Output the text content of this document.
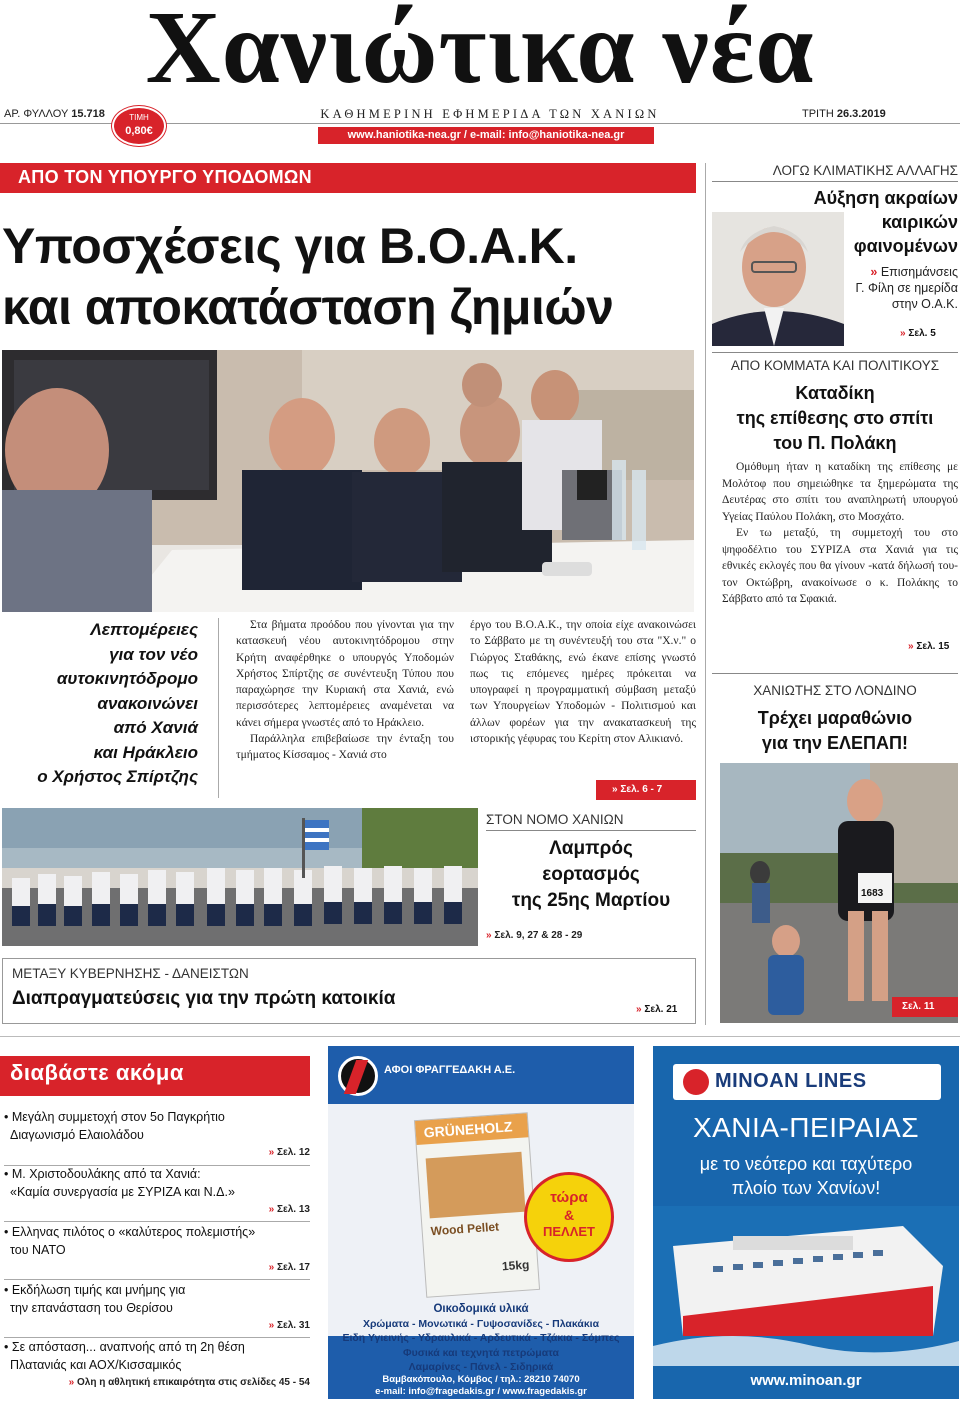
Χανιώτικα νέα
ΑΡ. ΦΥΛΛΟΥ 15.718	ΤΙΜΗ
0,80€
ΚΑΘΗΜΕΡΙΝΗ ΕΦΗΜΕΡΙΔΑ ΤΩΝ ΧΑΝΙΩΝ	ΤΡΙΤΗ 26.3.2019
www.haniotika-nea.gr / e-mail: info@haniotika-nea.gr
ΑΠΟ ΤΟΝ ΥΠΟΥΡΓΟ ΥΠΟΔΟΜΩΝ
Υποσχέσεις για Β.Ο.Α.Κ.
και αποκατάσταση ζημιών
Λεπτομέρειες
για τον νέο
αυτοκινητόδρομο
ανακοινώνει
από Χανιά
και Ηράκλειο
ο Χρήστος Σπίρτζης

Στα βήματα προόδου που γίνονται για την κατασκευή νέου αυτοκινητόδρομου στην Κρήτη αναφέρθηκε ο υπουργός Υποδομών Χρήστος Σπίρτζης σε συνέντευξη Τύπου που παραχώρησε την Κυριακή στα Χανιά, ενώ περισσότερες λεπτομέρειες αναμένεται να κάνει σήμερα γνωστές από το Ηράκλειο.

Παράλληλα επιβεβαίωσε την ένταξη του τμήματος Κίσσαμος - Χανιά στο

έργο του Β.Ο.Α.Κ., την οποία είχε ανακοινώσει το Σάββατο με τη συνέντευξή του στα "Χ.ν." ο Γιώργος Σταθάκης, ενώ έκανε επίσης γνωστό πως τις επόμενες ημέρες πρόκειται να υπογραφεί η προγραμματική σύμβαση μεταξύ των Υπουργείων Υποδομών - Πολιτισμού και άλλων φορέων για την ανακατασκευή της ιστορικής γέφυρας του Κερίτη στον Αλικιανό.

» Σελ. 6 - 7
ΣΤΟΝ ΝΟΜΟ ΧΑΝΙΩΝ
Λαμπρός
εορτασμός
της 25ης Μαρτίου
» Σελ. 9, 27 & 28 - 29
ΜΕΤΑΞΥ ΚΥΒΕΡΝΗΣΗΣ - ΔΑΝΕΙΣΤΩΝ
Διαπραγματεύσεις για την πρώτη κατοικία
» Σελ. 21
ΛΟΓΩ ΚΛΙΜΑΤΙΚΗΣ ΑΛΛΑΓΗΣ
Αύξηση ακραίων
καιρικών
φαινομένων
» Επισημάνσεις
Γ. Φίλη σε ημερίδα
στην Ο.Α.Κ.
» Σελ. 5
ΑΠΟ ΚΟΜΜΑΤΑ ΚΑΙ ΠΟΛΙΤΙΚΟΥΣ
Καταδίκη
της επίθεσης στο σπίτι
του Π. Πολάκη

Ομόθυμη ήταν η καταδίκη της επίθεσης με Μολότοφ που σημειώθηκε τα ξημερώματα της Δευτέρας στο σπίτι του αναπληρωτή υπουργού Υγείας Παύλου Πολάκη, στο Μοσχάτο.

Εν τω μεταξύ, τη συμμετοχή του στο ψηφοδέλτιο του ΣΥΡΙΖΑ στα Χανιά για τις εθνικές εκλογές που θα γίνουν -κατά δήλωσή του- τον Οκτώβρη, ανακοίνωσε ο κ. Πολάκης το Σάββατο από τα Σφακιά.

» Σελ. 15
ΧΑΝΙΩΤΗΣ ΣΤΟ ΛΟΝΔΙΝΟ
Τρέχει μαραθώνιο
για την ΕΛΕΠΑΠ!
1683
Σελ. 11
διαβάστε ακόμα
• Μεγάλη συμμετοχή στον 5ο Παγκρήτιο
Διαγωνισμό Ελαιολάδου
» Σελ. 12
• Μ. Χριστοδουλάκης από τα Χανιά:
«Καμία συνεργασία με ΣΥΡΙΖΑ και Ν.Δ.»
» Σελ. 13
• Ελληνας πιλότος ο «καλύτερος πολεμιστής»
του ΝΑΤΟ
» Σελ. 17
• Εκδήλωση τιμής και μνήμης για
την επανάσταση του Θερίσου
» Σελ. 31
• Σε απόσταση... αναπνοής από τη 2η θέση
Πλατανιάς και ΑΟΧ/Κισσαμικός
» Ολη η αθλητική επικαιρότητα στις σελίδες 45 - 54
ΑΦΟΙ ΦΡΑΓΓΕΔΑΚΗ Α.Ε.
GRÜNEHOLZ
Wood Pellet
15kg
τώρα
&
ΠΕΛΛΕΤ
Οικοδομικά υλικά
Χρώματα - Μονωτικά - Γυψοσανίδες - Πλακάκια
Ειδη Υγιεινής - Υδραυλικά - Αρδευτικά - Τζάκια - Σόμπες
Φυσικά και τεχνητά πετρώματα
Λαμαρίνες - Πάνελ - Σιδηρικά
Βαμβακόπουλο, Κόμβος / τηλ.: 28210 74070
e-mail: info@fragedakis.gr / www.fragedakis.gr
MINOAN LINES
ΧΑΝΙΑ-ΠΕΙΡΑΙΑΣ
με το νεότερο και ταχύτερο
πλοίο των Χανίων!
www.minoan.gr
